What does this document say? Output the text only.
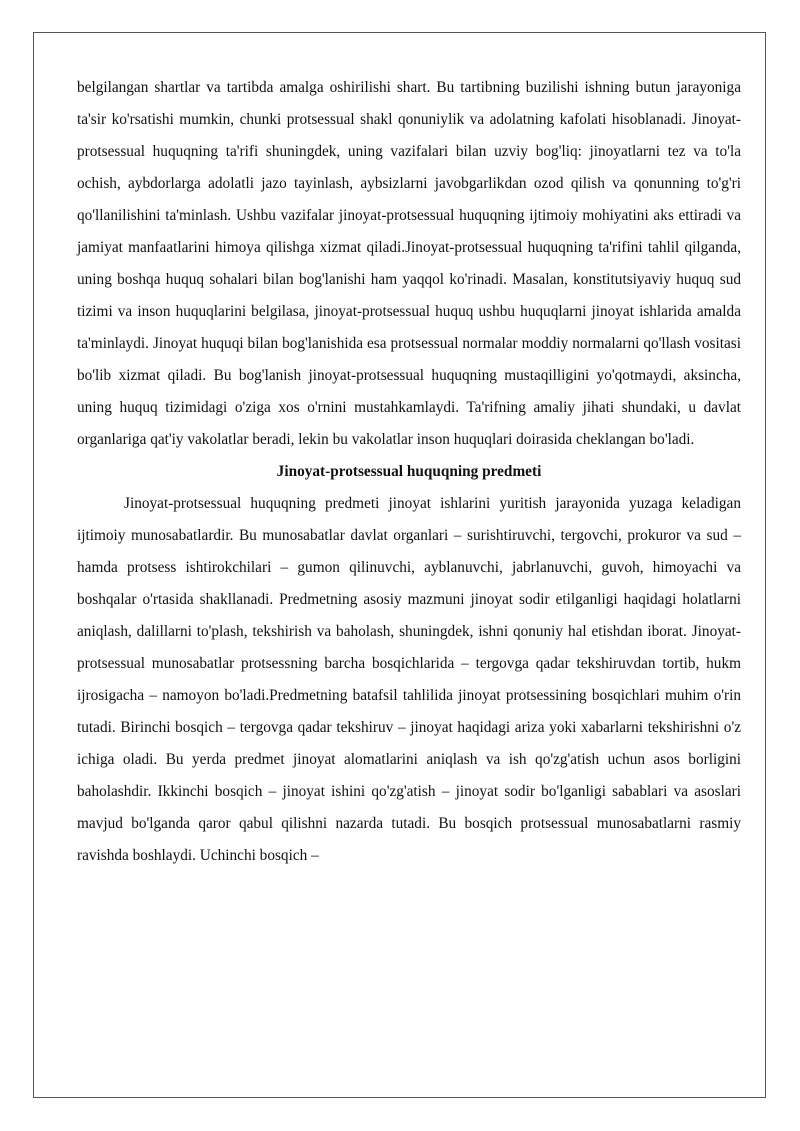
belgilangan shartlar va tartibda amalga oshirilishi shart. Bu tartibning buzilishi ishning butun jarayoniga ta'sir ko'rsatishi mumkin, chunki protsessual shakl qonuniylik va adolatning kafolati hisoblanadi. Jinoyat-protsessual huquqning ta'rifi shuningdek, uning vazifalari bilan uzviy bog'liq: jinoyatlarni tez va to'la ochish, aybdorlarga adolatli jazo tayinlash, aybsizlarni javobgarlikdan ozod qilish va qonunning to'g'ri qo'llanilishini ta'minlash. Ushbu vazifalar jinoyat-protsessual huquqning ijtimoiy mohiyatini aks ettiradi va jamiyat manfaatlarini himoya qilishga xizmat qiladi.Jinoyat-protsessual huquqning ta'rifini tahlil qilganda, uning boshqa huquq sohalari bilan bog'lanishi ham yaqqol ko'rinadi. Masalan, konstitutsiyaviy huquq sud tizimi va inson huquqlarini belgilasa, jinoyat-protsessual huquq ushbu huquqlarni jinoyat ishlarida amalda ta'minlaydi. Jinoyat huquqi bilan bog'lanishida esa protsessual normalar moddiy normalarni qo'llash vositasi bo'lib xizmat qiladi. Bu bog'lanish jinoyat-protsessual huquqning mustaqilligini yo'qotmaydi, aksincha, uning huquq tizimidagi o'ziga xos o'rnini mustahkamlaydi. Ta'rifning amaliy jihati shundaki, u davlat organlariga qat'iy vakolatlar beradi, lekin bu vakolatlar inson huquqlari doirasida cheklangan bo'ladi.

Jinoyat-protsessual huquqning predmeti

Jinoyat-protsessual huquqning predmeti jinoyat ishlarini yuritish jarayonida yuzaga keladigan ijtimoiy munosabatlardir. Bu munosabatlar davlat organlari – surishtiruvchi, tergovchi, prokuror va sud – hamda protsess ishtirokchilari – gumon qilinuvchi, ayblanuvchi, jabrlanuvchi, guvoh, himoyachi va boshqalar o'rtasida shakllanadi. Predmetning asosiy mazmuni jinoyat sodir etilganligi haqidagi holatlarni aniqlash, dalillarni to'plash, tekshirish va baholash, shuningdek, ishni qonuniy hal etishdan iborat. Jinoyat-protsessual munosabatlar protsessning barcha bosqichlarida – tergovga qadar tekshiruvdan tortib, hukm ijrosigacha – namoyon bo'ladi.Predmetning batafsil tahlilida jinoyat protsessining bosqichlari muhim o'rin tutadi. Birinchi bosqich – tergovga qadar tekshiruv – jinoyat haqidagi ariza yoki xabarlarni tekshirishni o'z ichiga oladi. Bu yerda predmet jinoyat alomatlarini aniqlash va ish qo'zg'atish uchun asos borligini baholashdir. Ikkinchi bosqich – jinoyat ishini qo'zg'atish – jinoyat sodir bo'lganligi sabablari va asoslari mavjud bo'lganda qaror qabul qilishni nazarda tutadi. Bu bosqich protsessual munosabatlarni rasmiy ravishda boshlaydi. Uchinchi bosqich –
